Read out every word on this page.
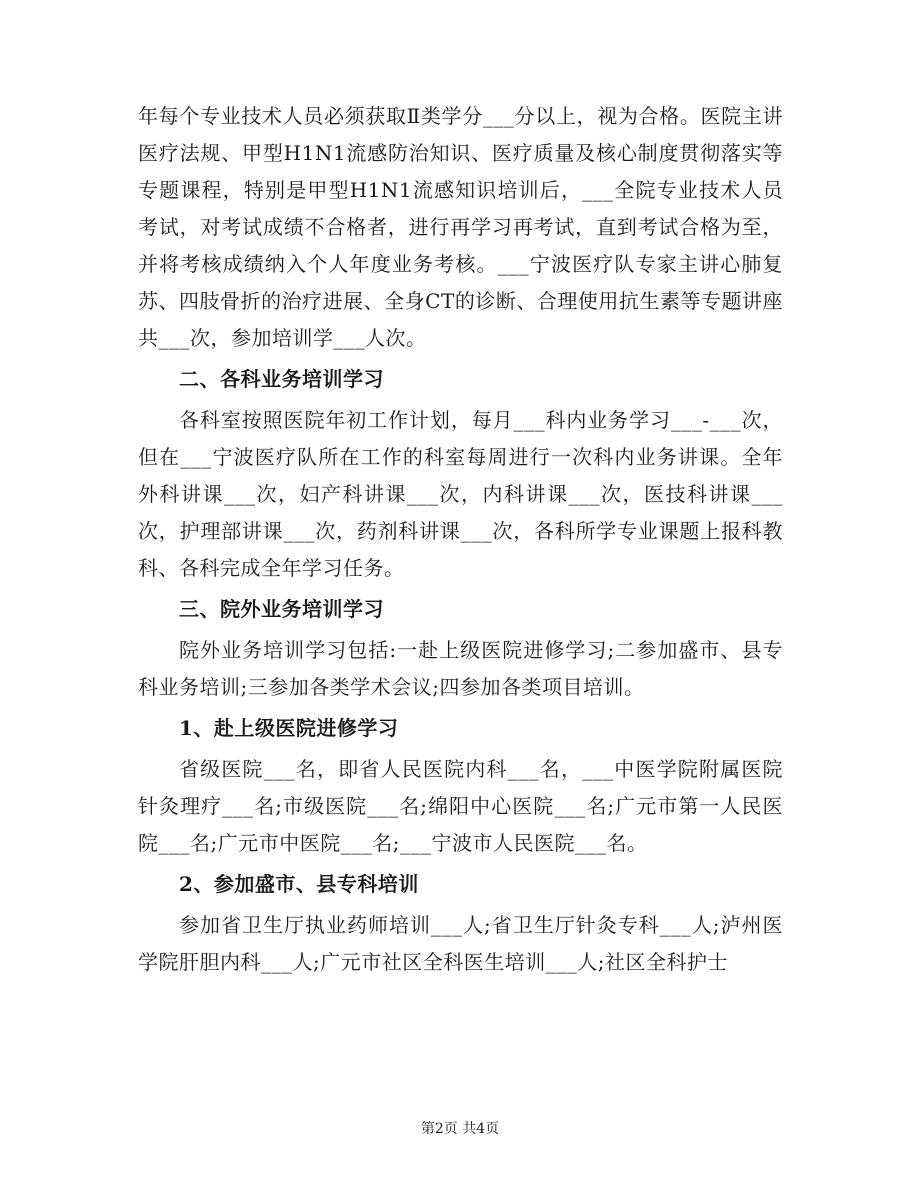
年每个专业技术人员必须获取Ⅱ类学分___分以上，视为合格。医院主讲医疗法规、甲型H1N1流感防治知识、医疗质量及核心制度贯彻落实等专题课程，特别是甲型H1N1流感知识培训后，___全院专业技术人员考试，对考试成绩不合格者，进行再学习再考试，直到考试合格为至，并将考核成绩纳入个人年度业务考核。___宁波医疗队专家主讲心肺复苏、四肢骨折的治疗进展、全身CT的诊断、合理使用抗生素等专题讲座共___次，参加培训学___人次。

二、各科业务培训学习

各科室按照医院年初工作计划，每月___科内业务学习___-___次，但在___宁波医疗队所在工作的科室每周进行一次科内业务讲课。全年外科讲课___次，妇产科讲课___次，内科讲课___次，医技科讲课___次，护理部讲课___次，药剂科讲课___次，各科所学专业课题上报科教科、各科完成全年学习任务。

三、院外业务培训学习

院外业务培训学习包括:一赴上级医院进修学习;二参加盛市、县专科业务培训;三参加各类学术会议;四参加各类项目培训。

1、赴上级医院进修学习

省级医院___名，即省人民医院内科___名，___中医学院附属医院针灸理疗___名;市级医院___名;绵阳中心医院___名;广元市第一人民医院___名;广元市中医院___名;___宁波市人民医院___名。

2、参加盛市、县专科培训

参加省卫生厅执业药师培训___人;省卫生厅针灸专科___人;泸州医学院肝胆内科___人;广元市社区全科医生培训___人;社区全科护士

第2页 共4页
